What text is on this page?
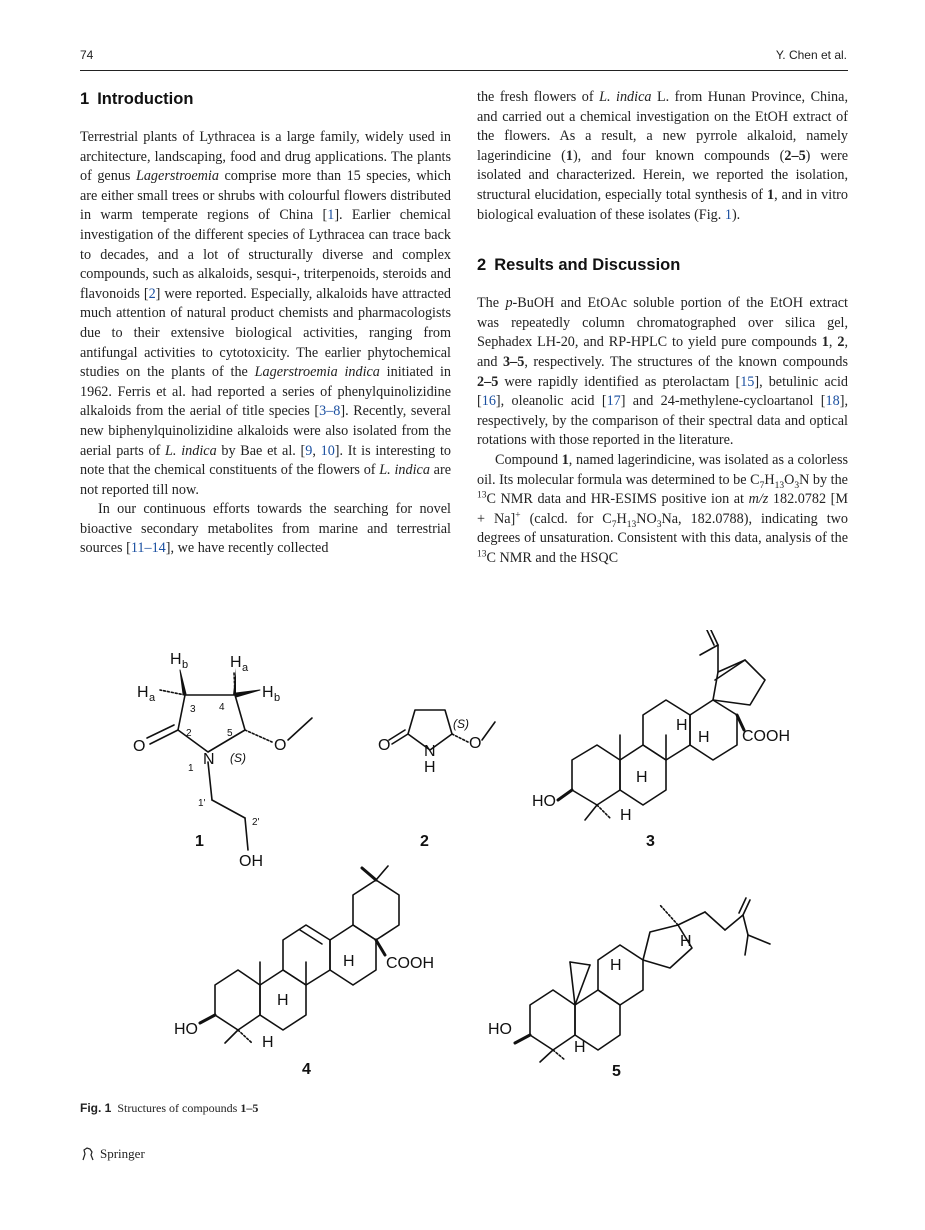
74	Y. Chen et al.
1 Introduction

Terrestrial plants of Lythracea is a large family, widely used in architecture, landscaping, food and drug applications. The plants of genus Lagerstroemia comprise more than 15 species, which are either small trees or shrubs with colourful flowers distributed in warm temperate regions of China [1]. Earlier chemical investigation of the different species of Lythracea can trace back to decades, and a lot of structurally diverse and complex compounds, such as alkaloids, sesqui-, triterpenoids, steroids and flavonoids [2] were reported. Especially, alkaloids have attracted much attention of natural product chemists and pharmacologists due to their extensive biological activities, ranging from antifungal activities to cytotoxicity. The earlier phytochemical studies on the plants of the Lagerstroemia indica initiated in 1962. Ferris et al. had reported a series of phenylquinolizidine alkaloids from the aerial of title species [3–8]. Recently, several new biphenylquinolizidine alkaloids were also isolated from the aerial parts of L. indica by Bae et al. [9, 10]. It is interesting to note that the chemical constituents of the flowers of L. indica are not reported till now.

In our continuous efforts towards the searching for novel bioactive secondary metabolites from marine and terrestrial sources [11–14], we have recently collected

the fresh flowers of L. indica L. from Hunan Province, China, and carried out a chemical investigation on the EtOH extract of the flowers. As a result, a new pyrrole alkaloid, namely lagerindicine (1), and four known compounds (2–5) were isolated and characterized. Herein, we reported the isolation, structural elucidation, especially total synthesis of 1, and in vitro biological evaluation of these isolates (Fig. 1).

2 Results and Discussion

The p-BuOH and EtOAc soluble portion of the EtOH extract was repeatedly column chromatographed over silica gel, Sephadex LH-20, and RP-HPLC to yield pure compounds 1, 2, and 3–5, respectively. The structures of the known compounds 2–5 were rapidly identified as pterolactam [15], betulinic acid [16], oleanolic acid [17] and 24-methylene-cycloartanol [18], respectively, by the comparison of their spectral data and optical rotations with those reported in the literature.

Compound 1, named lagerindicine, was isolated as a colorless oil. Its molecular formula was determined to be $C_7H_{13}O_3N$ by the $^{13}$C NMR data and HR-ESIMS positive ion at m/z 182.0782 [M + Na]+ (calcd. for $C_7H_{13}NO_3Na$, 182.0788), indicating two degrees of unsaturation. Consistent with this data, analysis of the $^{13}$C NMR and the HSQC

H b	H a
H a	H b
3 4
2	5
1
O
N (S)
O
1'
2'
OH
1
O N
H
(S)
O
2
H
H
H
H
COOH
HO
3
H
H
H
COOH
HO
4
H
H
H
HO
5
Fig. 1 Structures of compounds 1–5
Springer
